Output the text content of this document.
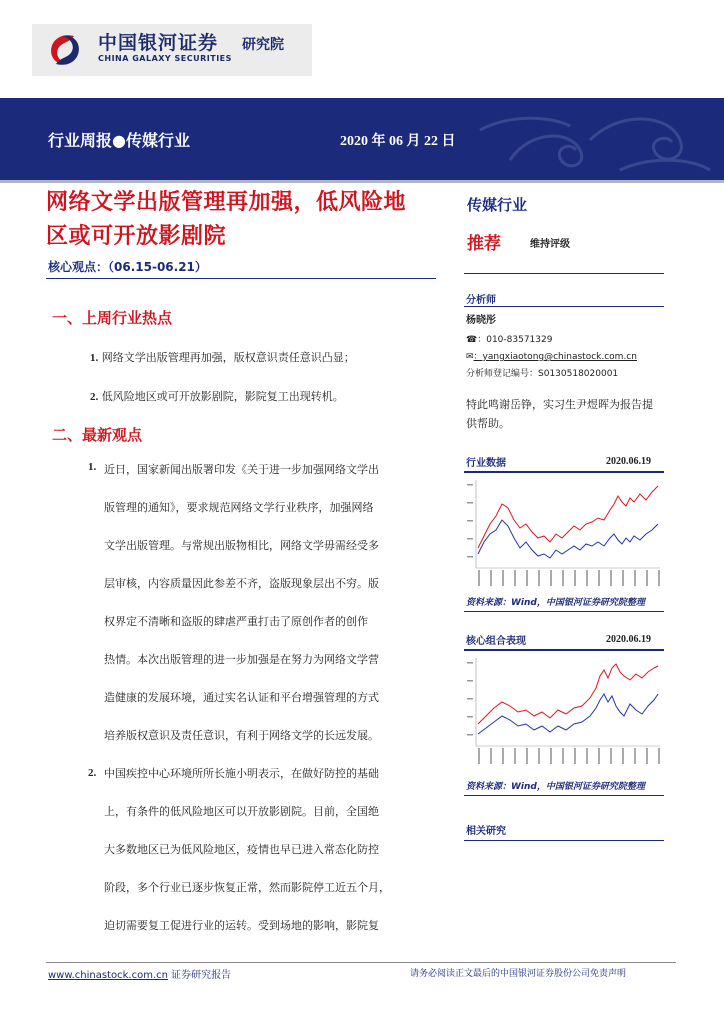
中国银河证券
CHINA GALAXY SECURITIES
研究院
行业周报●传媒行业	2020 年 06 月 22 日
网络文学出版管理再加强，低风险地
区或可开放影剧院
核心观点：（06.15-06.21）
一、上周行业热点
1. 网络文学出版管理再加强，版权意识责任意识凸显；
2. 低风险地区或可开放影剧院，影院复工出现转机。
二、最新观点
1. 近日，国家新闻出版署印发《关于进一步加强网络文学出
版管理的通知》，要求规范网络文学行业秩序，加强网络
文学出版管理。与常规出版物相比，网络文学毋需经受多
层审核，内容质量因此参差不齐，盗版现象层出不穷。版
权界定不清晰和盗版的肆虐严重打击了原创作者的创作
热情。本次出版管理的进一步加强是在努力为网络文学营
造健康的发展环境，通过实名认证和平台增强管理的方式
培养版权意识及责任意识，有利于网络文学的长远发展。
2. 中国疾控中心环境所所长施小明表示，在做好防控的基础
上，有条件的低风险地区可以开放影剧院。目前，全国绝
大多数地区已为低风险地区，疫情也早已进入常态化防控
阶段，多个行业已逐步恢复正常，然而影院停工近五个月，
迫切需要复工促进行业的运转。受到场地的影响，影院复
传媒行业
推荐	维持评级
分析师
杨晓彤
☎：010-83571329
✉：yangxiaotong@chinastock.com.cn
分析师登记编号：S0130518020001
特此鸣谢岳铮，实习生尹煜晖为报告提供帮助。
行业数据	2020.06.19
资料来源：Wind，中国银河证券研究院整理
核心组合表现	2020.06.19
资料来源：Wind，中国银河证券研究院整理
相关研究
www.chinastock.com.cn 证券研究报告	请务必阅读正文最后的中国银河证券股份公司免责声明
